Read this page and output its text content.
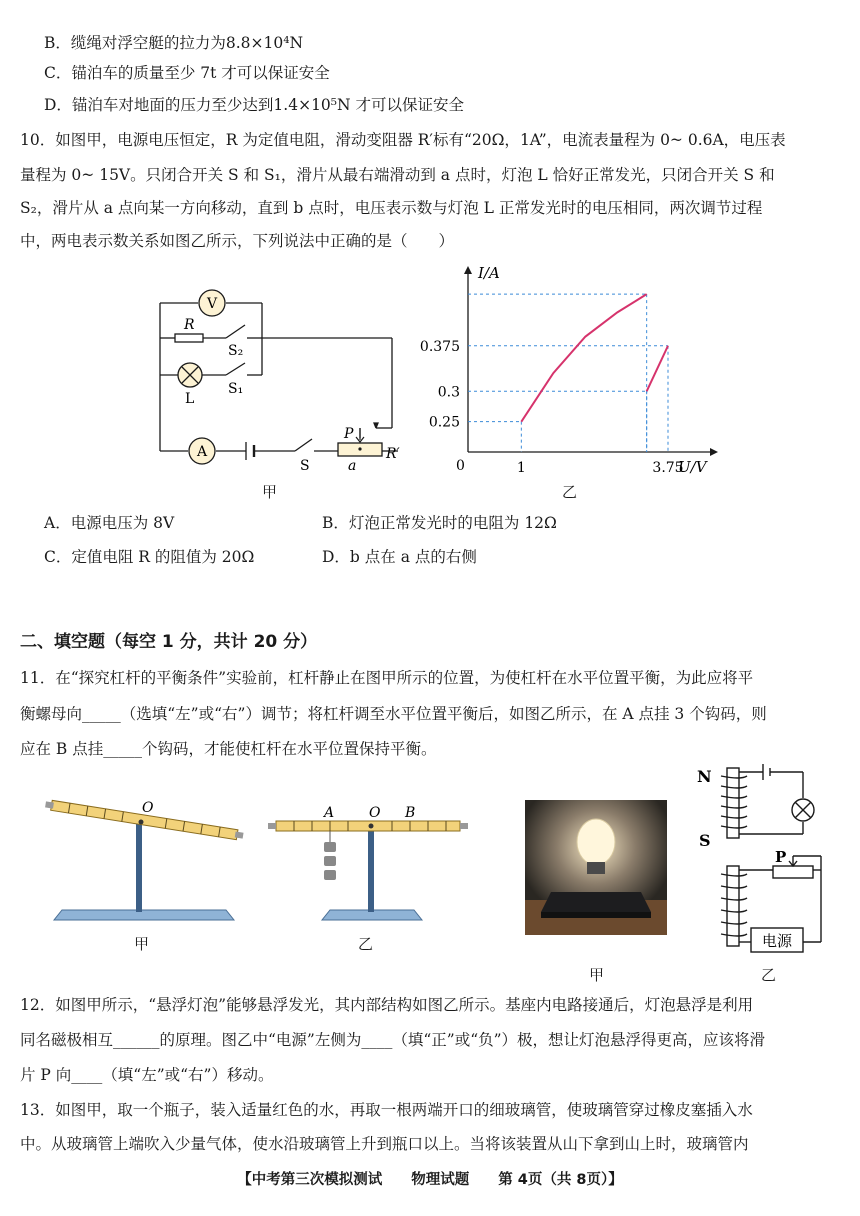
B．缆绳对浮空艇的拉力为8.8×10⁴N
C．锚泊车的质量至少 7t 才可以保证安全
D．锚泊车对地面的压力至少达到1.4×10⁵N 才可以保证安全
10．如图甲，电源电压恒定，R 为定值电阻，滑动变阻器 R′标有“20Ω，1A”，电流表量程为 0~ 0.6A，电压表
量程为 0~ 15V。只闭合开关 S 和 S₁，滑片从最右端滑动到 a 点时，灯泡 L 恰好正常发光，只闭合开关 S 和
S₂，滑片从 a 点向某一方向移动，直到 b 点时，电压表示数与灯泡 L 正常发光时的电压相同，两次调节过程
中，两电表示数关系如图乙所示，下列说法中正确的是（　　）
V
A
R
S₂
L
S₁
S
P
a
R′
甲
I/A
U/V
0	1	3.75
0.25
0.3
0.375
乙
A．电源电压为 8V	B．灯泡正常发光时的电阻为 12Ω
C．定值电阻 R 的阻值为 20Ω	D．b 点在 a 点的右侧
二、填空题（每空 1 分，共计 20 分）
11．在“探究杠杆的平衡条件”实验前，杠杆静止在图甲所示的位置，为使杠杆在水平位置平衡，为此应将平
衡螺母向_____（选填“左”或“右”）调节；将杠杆调至水平位置平衡后，如图乙所示，在 A 点挂 3 个钩码，则
应在 B 点挂_____个钩码，才能使杠杆在水平位置保持平衡。
O
甲
A O B
乙
甲
N
S
P
电源
乙
12．如图甲所示，“悬浮灯泡”能够悬浮发光，其内部结构如图乙所示。基座内电路接通后，灯泡悬浮是利用
同名磁极相互______的原理。图乙中“电源”左侧为____（填“正”或“负”）极，想让灯泡悬浮得更高，应该将滑
片 P 向____（填“左”或“右”）移动。
13．如图甲，取一个瓶子，装入适量红色的水，再取一根两端开口的细玻璃管，使玻璃管穿过橡皮塞插入水
中。从玻璃管上端吹入少量气体，使水沿玻璃管上升到瓶口以上。当将该装置从山下拿到山上时，玻璃管内
【中考第三次模拟测试　　物理试题　　第 4页（共 8页）】
